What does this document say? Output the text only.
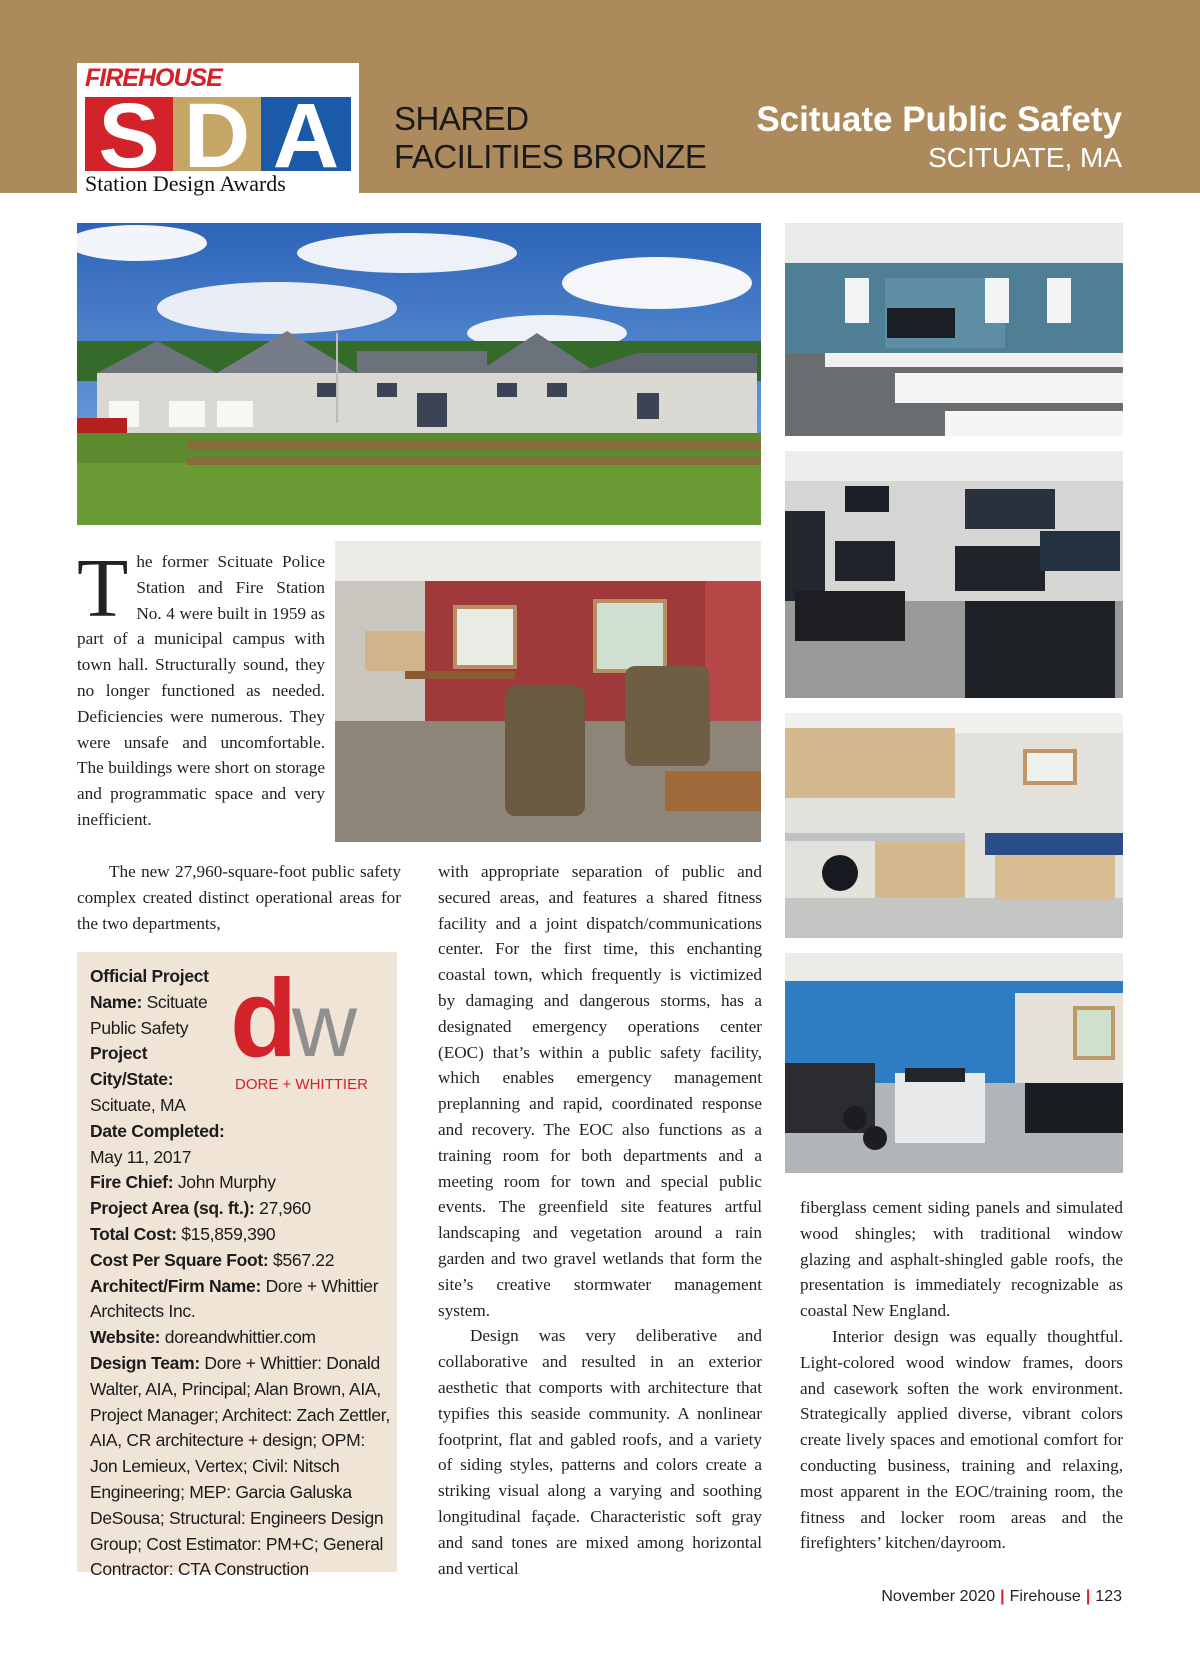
FIREHOUSE
S D A
Station Design Awards
SHARED
FACILITIES BRONZE
Scituate Public Safety
SCITUATE, MA

The former Scituate Police Station and Fire Station No. 4 were built in 1959 as part of a municipal campus with town hall. Structurally sound, they no longer functioned as needed. Deficiencies were numerous. They were unsafe and uncomfortable. The buildings were short on storage and programmatic space and very inefficient.

The new 27,960-square-foot public safety complex created distinct operational areas for the two departments,

d w
DORE + WHITTIER
Official Project Name: Scituate Public Safety Project City/State:
Scituate, MA
Date Completed:
May 11, 2017
Fire Chief: John Murphy
Project Area (sq. ft.): 27,960
Total Cost: $15,859,390
Cost Per Square Foot: $567.22
Architect/Firm Name: Dore + Whittier Architects Inc.
Website: doreandwhittier.com
Design Team: Dore + Whittier: Donald Walter, AIA, Principal; Alan Brown, AIA, Project Manager; Architect: Zach Zettler, AIA, CR architecture + design; OPM: Jon Lemieux, Vertex; Civil: Nitsch Engineering; MEP: Garcia Galuska DeSousa; Structural: Engineers Design Group; Cost Estimator: PM+C; General Contractor: CTA Construction

with appropriate separation of public and secured areas, and features a shared fitness facility and a joint dispatch/communications center. For the first time, this enchanting coastal town, which frequently is victimized by damaging and dangerous storms, has a designated emergency operations center (EOC) that’s within a public safety facility, which enables emergency management preplanning and rapid, coordinated response and recovery. The EOC also functions as a training room for both departments and a meeting room for town and special public events. The greenfield site features artful landscaping and vegetation around a rain garden and two gravel wetlands that form the site’s creative stormwater management system.

Design was very deliberative and collaborative and resulted in an exterior aesthetic that comports with architecture that typifies this seaside community. A nonlinear footprint, flat and gabled roofs, and a variety of siding styles, patterns and colors create a striking visual along a varying and soothing longitudinal façade. Characteristic soft gray and sand tones are mixed among horizontal and vertical

fiberglass cement siding panels and simulated wood shingles; with traditional window glazing and asphalt-shingled gable roofs, the presentation is immediately recognizable as coastal New England.

Interior design was equally thoughtful. Light-colored wood window frames, doors and casework soften the work environment. Strategically applied diverse, vibrant colors create lively spaces and emotional comfort for conducting business, training and relaxing, most apparent in the EOC/training room, the fitness and locker room areas and the firefighters’ kitchen/dayroom.

November 2020 | Firehouse | 123
